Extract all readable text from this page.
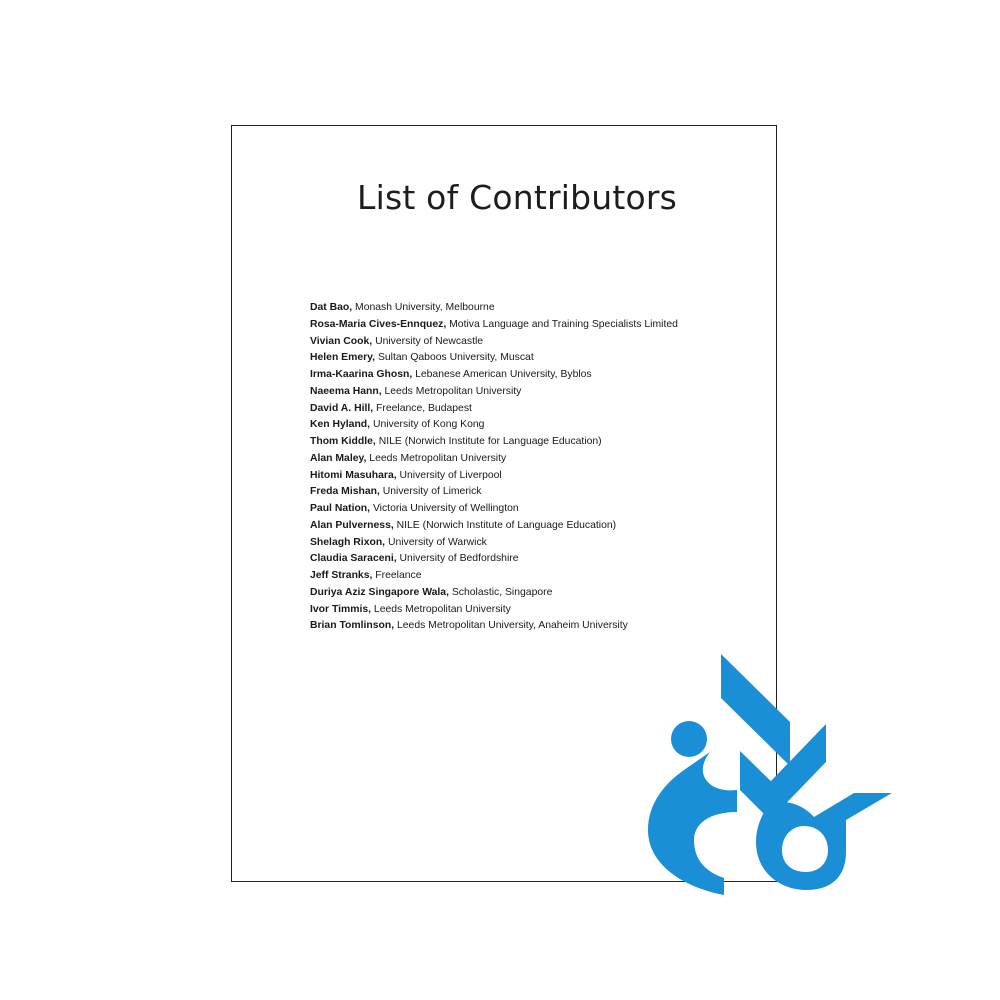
List of Contributors
Dat Bao, Monash University, Melbourne
Rosa-Maria Cives-Ennquez, Motiva Language and Training Specialists Limited
Vivian Cook, University of Newcastle
Helen Emery, Sultan Qaboos University, Muscat
Irma-Kaarina Ghosn, Lebanese American University, Byblos
Naeema Hann, Leeds Metropolitan University
David A. Hill, Freelance, Budapest
Ken Hyland, University of Kong Kong
Thom Kiddle, NILE (Norwich Institute for Language Education)
Alan Maley, Leeds Metropolitan University
Hitomi Masuhara, University of Liverpool
Freda Mishan, University of Limerick
Paul Nation, Victoria University of Wellington
Alan Pulverness, NILE (Norwich Institute of Language Education)
Shelagh Rixon, University of Warwick
Claudia Saraceni, University of Bedfordshire
Jeff Stranks, Freelance
Duriya Aziz Singapore Wala, Scholastic, Singapore
Ivor Timmis, Leeds Metropolitan University
Brian Tomlinson, Leeds Metropolitan University, Anaheim University
